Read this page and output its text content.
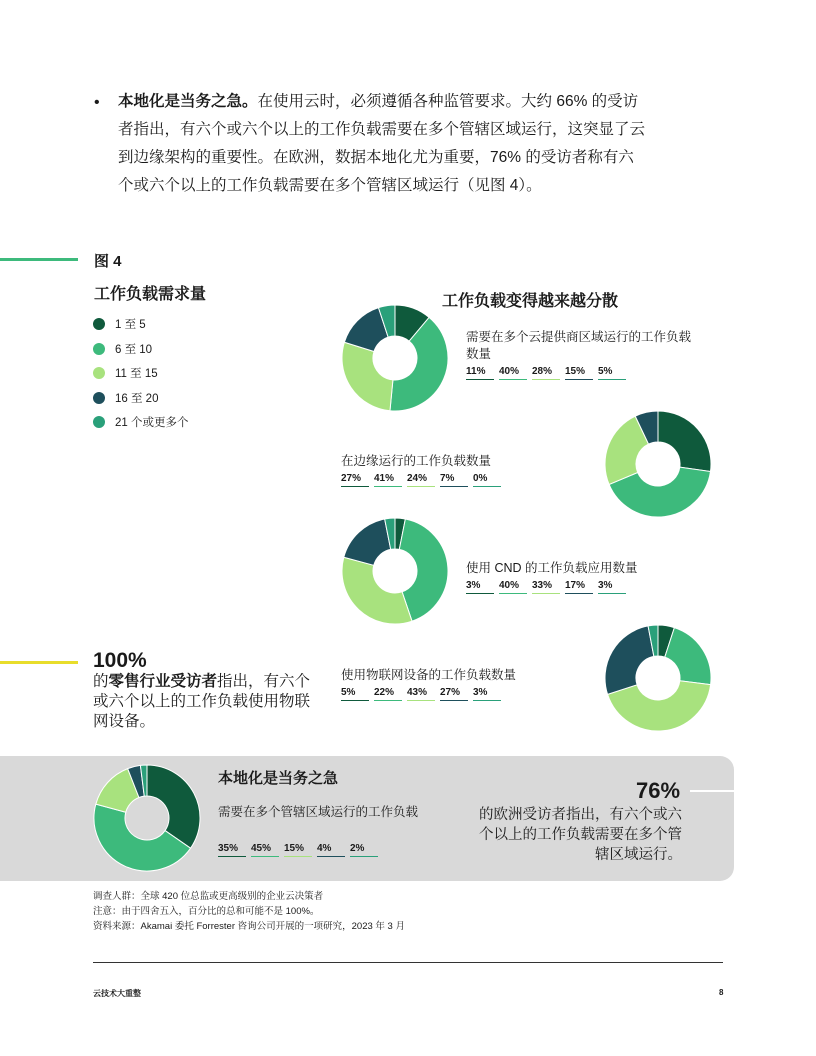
• 本地化是当务之急。在使用云时，必须遵循各种监管要求。大约 66% 的受访者指出，有六个或六个以上的工作负载需要在多个管辖区域运行，这突显了云到边缘架构的重要性。在欧洲，数据本地化尤为重要，76% 的受访者称有六个或六个以上的工作负载需要在多个管辖区域运行（见图 4）。
图 4
工作负载需求量
1 至 5
6 至 10
11 至 15
16 至 20
21 个或更多个
工作负载变得越来越分散
需要在多个云提供商区域运行的工作负载数量
11%	40%	28%	15%	5%
在边缘运行的工作负载数量
27%	41%	24%	7%	0%
使用 CND 的工作负载应用数量
3%	40%	33%	17%	3%
使用物联网设备的工作负载数量
5%	22%	43%	27%	3%
100%
的零售行业受访者指出，有六个或六个以上的工作负载使用物联网设备。
本地化是当务之急
需要在多个管辖区域运行的工作负载
35%	45%	15%	4%	2%
76%
的欧洲受访者指出，有六个或六个以上的工作负载需要在多个管辖区域运行。
调查人群：全球 420 位总监或更高级别的企业云决策者
注意：由于四舍五入，百分比的总和可能不是 100%。
资料来源：Akamai 委托 Forrester 咨询公司开展的一项研究，2023 年 3 月
云技术大重整	8
